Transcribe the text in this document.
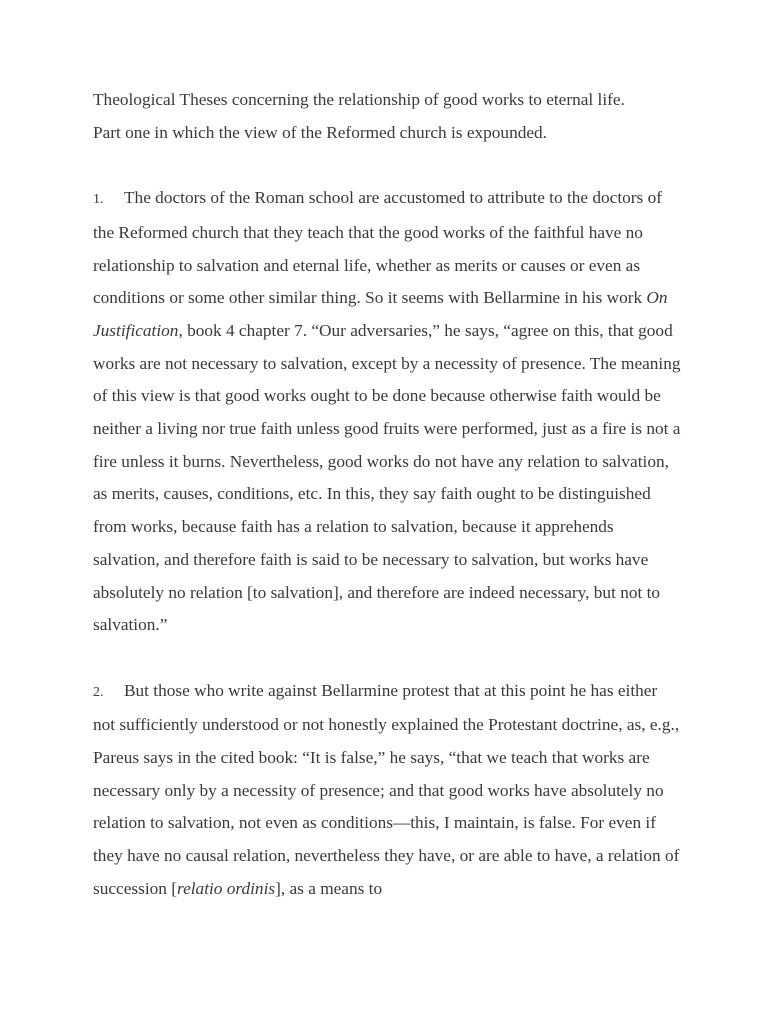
Theological Theses concerning the relationship of good works to eternal life.
Part one in which the view of the Reformed church is expounded.

1. The doctors of the Roman school are accustomed to attribute to the doctors of the Reformed church that they teach that the good works of the faithful have no relationship to salvation and eternal life, whether as merits or causes or even as conditions or some other similar thing. So it seems with Bellarmine in his work On Justification, book 4 chapter 7. “Our adversaries,” he says, “agree on this, that good works are not necessary to salvation, except by a necessity of presence. The meaning of this view is that good works ought to be done because otherwise faith would be neither a living nor true faith unless good fruits were performed, just as a fire is not a fire unless it burns. Nevertheless, good works do not have any relation to salvation, as merits, causes, conditions, etc. In this, they say faith ought to be distinguished from works, because faith has a relation to salvation, because it apprehends salvation, and therefore faith is said to be necessary to salvation, but works have absolutely no relation [to salvation], and therefore are indeed necessary, but not to salvation.”

2. But those who write against Bellarmine protest that at this point he has either not sufficiently understood or not honestly explained the Protestant doctrine, as, e.g., Pareus says in the cited book: “It is false,” he says, “that we teach that works are necessary only by a necessity of presence; and that good works have absolutely no relation to salvation, not even as conditions—this, I maintain, is false. For even if they have no causal relation, nevertheless they have, or are able to have, a relation of succession [relatio ordinis], as a means to
